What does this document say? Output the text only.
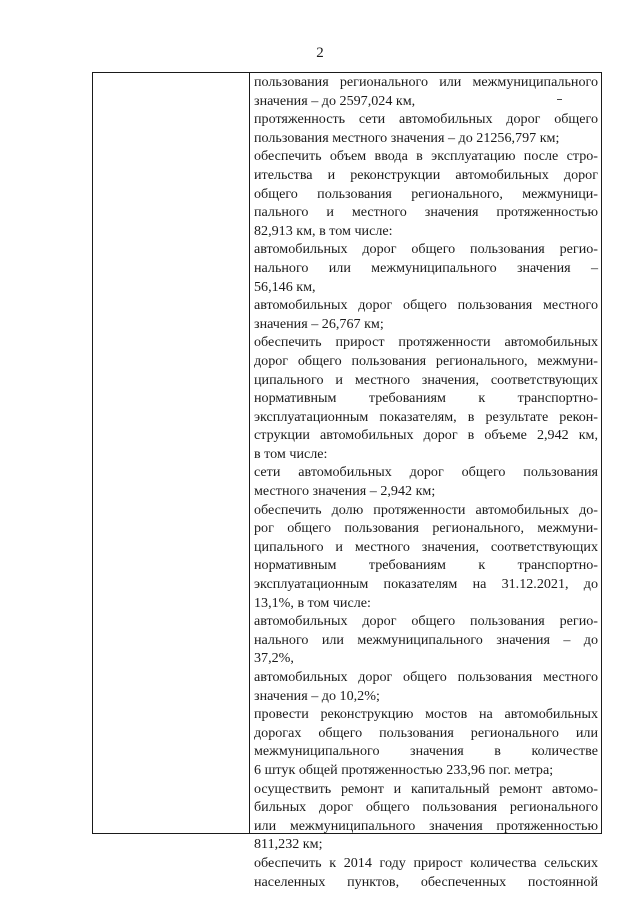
2
пользования регионального или межмуниципального
значения – до 2597,024 км,
протяженность сети автомобильных дорог общего
пользования местного значения – до 21256,797 км;
обеспечить объем ввода в эксплуатацию после стро-
ительства и реконструкции автомобильных дорог
общего пользования регионального, межмуници-
пального и местного значения протяженностью
82,913 км, в том числе:
автомобильных дорог общего пользования регио-
нального или межмуниципального значения –
56,146 км,
автомобильных дорог общего пользования местного
значения – 26,767 км;
обеспечить прирост протяженности автомобильных
дорог общего пользования регионального, межмуни-
ципального и местного значения, соответствующих
нормативным требованиям к транспортно-
эксплуатационным показателям, в результате рекон-
струкции автомобильных дорог в объеме 2,942 км,
в том числе:
сети автомобильных дорог общего пользования
местного значения – 2,942 км;
обеспечить долю протяженности автомобильных до-
рог общего пользования регионального, межмуни-
ципального и местного значения, соответствующих
нормативным требованиям к транспортно-
эксплуатационным показателям на 31.12.2021, до
13,1%, в том числе:
автомобильных дорог общего пользования регио-
нального или межмуниципального значения – до
37,2%,
автомобильных дорог общего пользования местного
значения – до 10,2%;
провести реконструкцию мостов на автомобильных
дорогах общего пользования регионального или
межмуниципального значения в количестве
6 штук общей протяженностью 233,96 пог. метра;
осуществить ремонт и капитальный ремонт автомо-
бильных дорог общего пользования регионального
или межмуниципального значения протяженностью
811,232 км;
обеспечить к 2014 году прирост количества сельских
населенных пунктов, обеспеченных постоянной
